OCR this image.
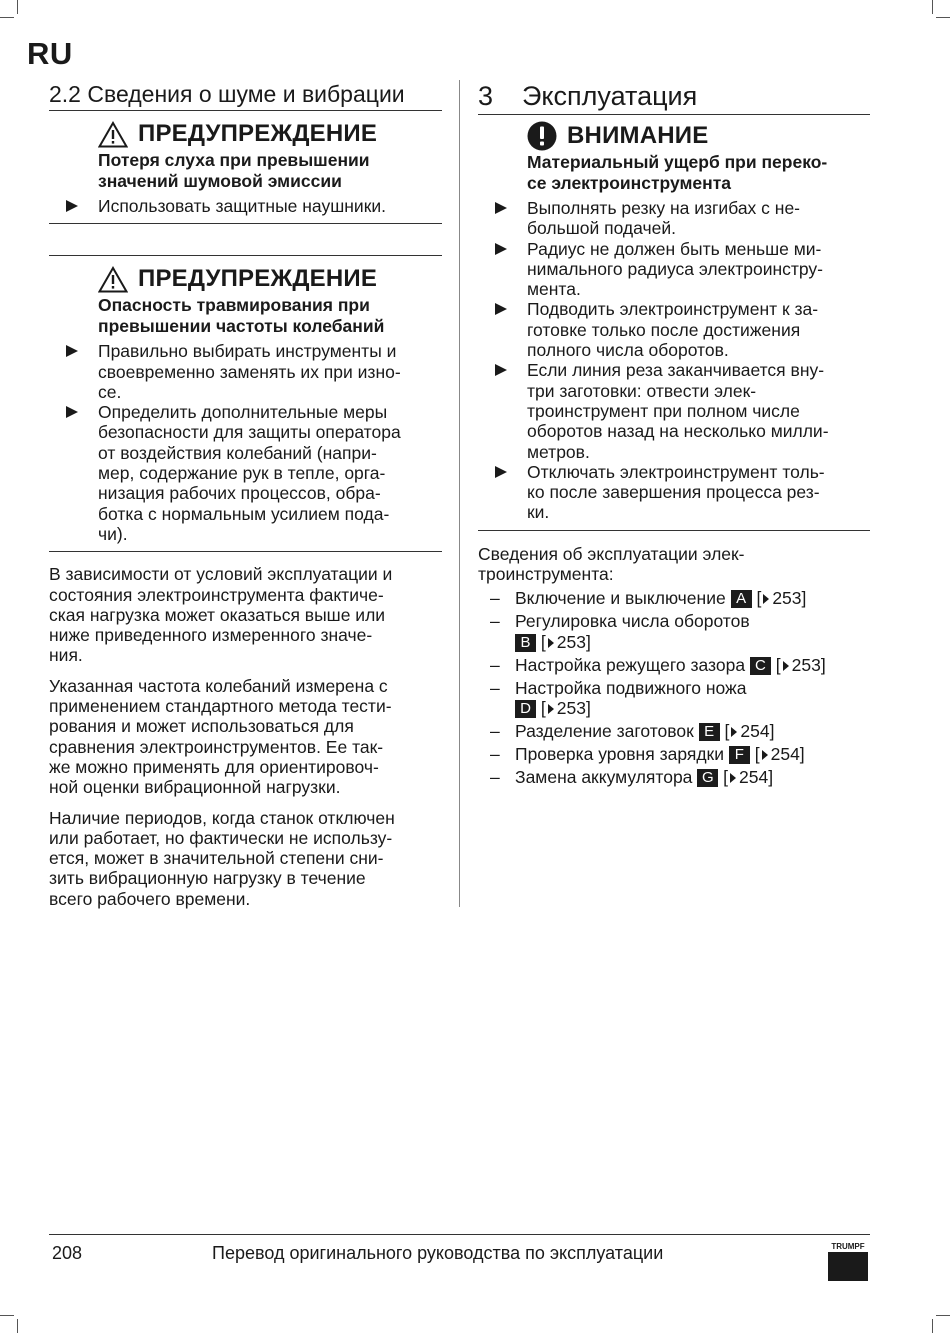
RU
2.2 Сведения о шуме и вибрации
ПРЕДУПРЕЖДЕНИЕ
Потеря слуха при превышении
значений шумовой эмиссии
Использовать защитные наушники.
ПРЕДУПРЕЖДЕНИЕ
Опасность травмирования при
превышении частоты колебаний
Правильно выбирать инструменты и
своевременно заменять их при изно-
се.
Определить дополнительные меры
безопасности для защиты оператора
от воздействия колебаний (напри-
мер, содержание рук в тепле, орга-
низация рабочих процессов, обра-
ботка с нормальным усилием пода-
чи).
В зависимости от условий эксплуатации и
состояния электроинструмента фактиче-
ская нагрузка может оказаться выше или
ниже приведенного измеренного значе-
ния.
Указанная частота колебаний измерена с
применением стандартного метода тести-
рования и может использоваться для
сравнения электроинструментов. Ее так-
же можно применять для ориентировоч-
ной оценки вибрационной нагрузки.
Наличие периодов, когда станок отключен
или работает, но фактически не использу-
ется, может в значительной степени сни-
зить вибрационную нагрузку в течение
всего рабочего времени.
3 Эксплуатация
ВНИМАНИЕ
Материальный ущерб при переко-
се электроинструмента
Выполнять резку на изгибах с не-
большой подачей.
Радиус не должен быть меньше ми-
нимального радиуса электроинстру-
мента.
Подводить электроинструмент к за-
готовке только после достижения
полного числа оборотов.
Если линия реза заканчивается вну-
три заготовки: отвести элек-
троинструмент при полном числе
оборотов назад на несколько милли-
метров.
Отключать электроинструмент толь-
ко после завершения процесса рез-
ки.
Сведения об эксплуатации элек-
троинструмента:
– Включение и выключение A [ 253]
– Регулировка числа оборотов
B [ 253]
– Настройка режущего зазора C [ 253]
– Настройка подвижного ножа
D [ 253]
– Разделение заготовок E [ 254]
– Проверка уровня зарядки F [ 254]
– Замена аккумулятора G [ 254]
208	Перевод оригинального руководства по эксплуатации	TRUMPF
